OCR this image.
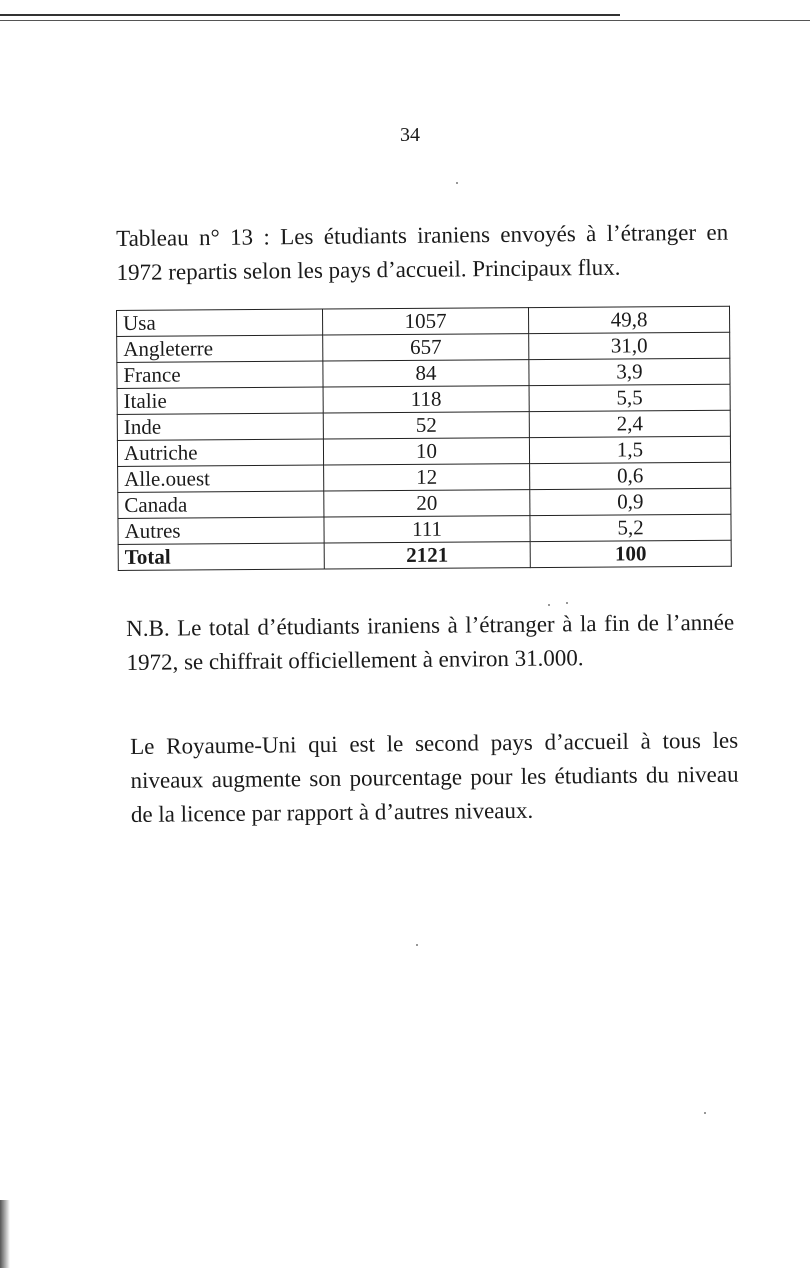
34
Tableau n° 13 : Les étudiants iraniens envoyés à l’étranger en 1972 repartis selon les pays d’accueil. Principaux flux.
Usa	1057	49,8
Angleterre	657	31,0
France	84	3,9
Italie	118	5,5
Inde	52	2,4
Autriche	10	1,5
Alle.ouest	12	0,6
Canada	20	0,9
Autres	111	5,2
Total	2121	100
N.B. Le total d’étudiants iraniens à l’étranger à la fin de l’année 1972, se chiffrait officiellement à environ 31.000.
Le Royaume-Uni qui est le second pays d’accueil à tous les niveaux augmente son pourcentage pour les étudiants du niveau de la licence par rapport à d’autres niveaux.
